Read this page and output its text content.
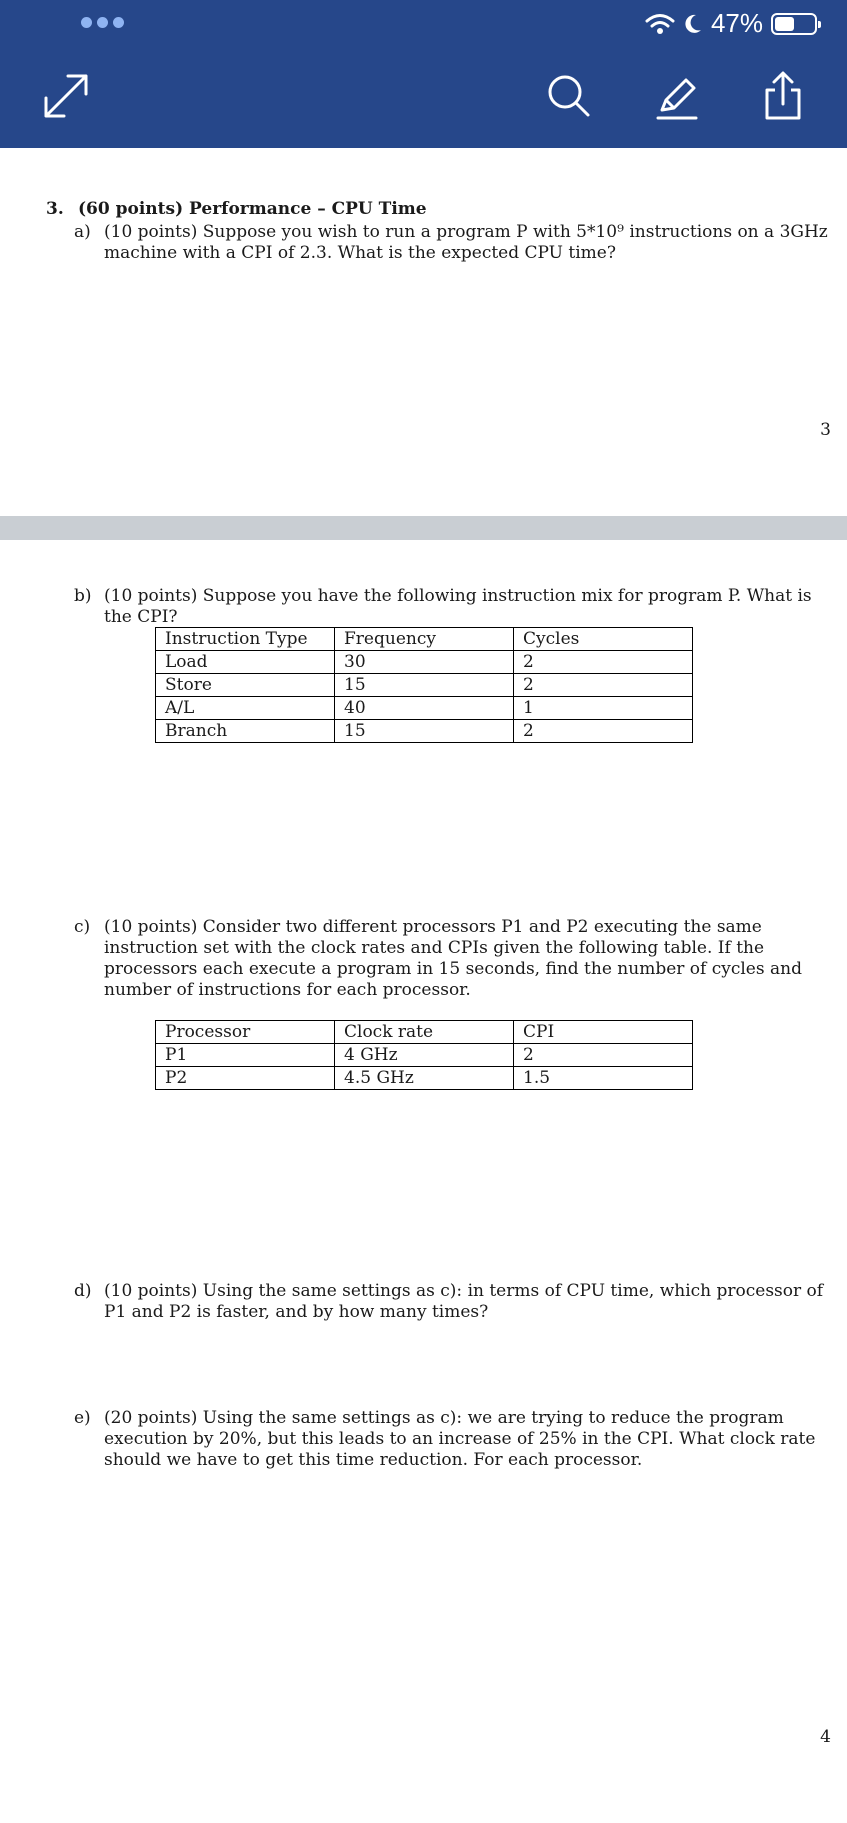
47%
3
3. (60 points) Performance – CPU Time
a) (10 points) Suppose you wish to run a program P with 5*10⁹ instructions on a 3GHz machine with a CPI of 2.3. What is the expected CPU time?
b) (10 points) Suppose you have the following instruction mix for program P. What is the CPI?
Instruction Type	Frequency	Cycles
Load	30	2
Store	15	2
A/L	40	1
Branch	15	2
c) (10 points) Consider two different processors P1 and P2 executing the same instruction set with the clock rates and CPIs given the following table. If the processors each execute a program in 15 seconds, find the number of cycles and number of instructions for each processor.
Processor	Clock rate	CPI
P1	4 GHz	2
P2	4.5 GHz	1.5
d) (10 points) Using the same settings as c): in terms of CPU time, which processor of P1 and P2 is faster, and by how many times?
e) (20 points) Using the same settings as c): we are trying to reduce the program execution by 20%, but this leads to an increase of 25% in the CPI. What clock rate should we have to get this time reduction. For each processor.
4
